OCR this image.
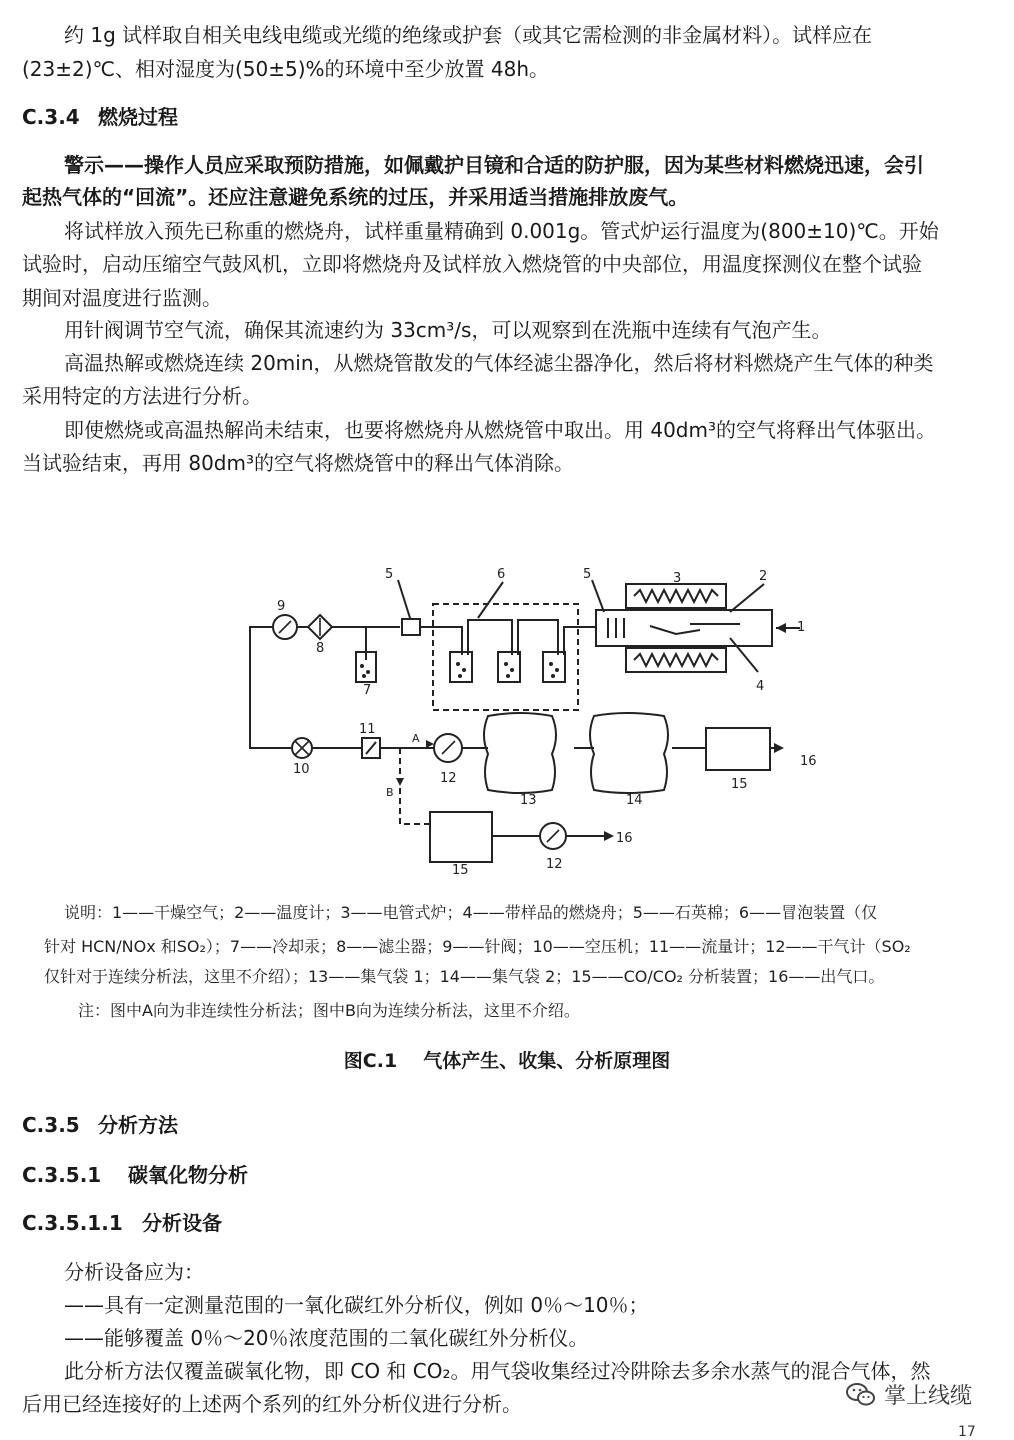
约 1g 试样取自相关电线电缆或光缆的绝缘或护套（或其它需检测的非金属材料）。试样应在
(23±2)℃、相对湿度为(50±5)%的环境中至少放置 48h。
C.3.4 燃烧过程
警示——操作人员应采取预防措施，如佩戴护目镜和合适的防护服，因为某些材料燃烧迅速，会引
起热气体的“回流”。还应注意避免系统的过压，并采用适当措施排放废气。
将试样放入预先已称重的燃烧舟，试样重量精确到 0.001g。管式炉运行温度为(800±10)℃。开始
试验时，启动压缩空气鼓风机，立即将燃烧舟及试样放入燃烧管的中央部位，用温度探测仪在整个试验
期间对温度进行监测。
用针阀调节空气流，确保其流速约为 33cm³/s，可以观察到在洗瓶中连续有气泡产生。
高温热解或燃烧连续 20min，从燃烧管散发的气体经滤尘器净化，然后将材料燃烧产生气体的种类
采用特定的方法进行分析。
即使燃烧或高温热解尚未结束，也要将燃烧舟从燃烧管中取出。用 40dm³的空气将释出气体驱出。
当试验结束，再用 80dm³的空气将燃烧管中的释出气体消除。
1
2
3
4
5	5
6
7
8
9
10
11
12
12
13	14
15
15
16
16
A
B
说明：1——干燥空气；2——温度计；3——电管式炉；4——带样品的燃烧舟；5——石英棉；6——冒泡装置（仅
针对 HCN/NOx 和SO₂）；7——冷却汞；8——滤尘器；9——针阀；10——空压机；11——流量计；12——干气计（SO₂
仅针对于连续分析法，这里不介绍）；13——集气袋 1；14——集气袋 2；15——CO/CO₂ 分析装置；16——出气口。
注：图中A向为非连续性分析法；图中B向为连续分析法，这里不介绍。
图C.1 气体产生、收集、分析原理图
C.3.5 分析方法
C.3.5.1 碳氧化物分析
C.3.5.1.1 分析设备
分析设备应为：
——具有一定测量范围的一氧化碳红外分析仪，例如 0％～10％；
——能够覆盖 0％～20％浓度范围的二氧化碳红外分析仪。
此分析方法仅覆盖碳氧化物，即 CO 和 CO₂。用气袋收集经过冷阱除去多余水蒸气的混合气体，然
后用已经连接好的上述两个系列的红外分析仪进行分析。	掌上线缆
17
